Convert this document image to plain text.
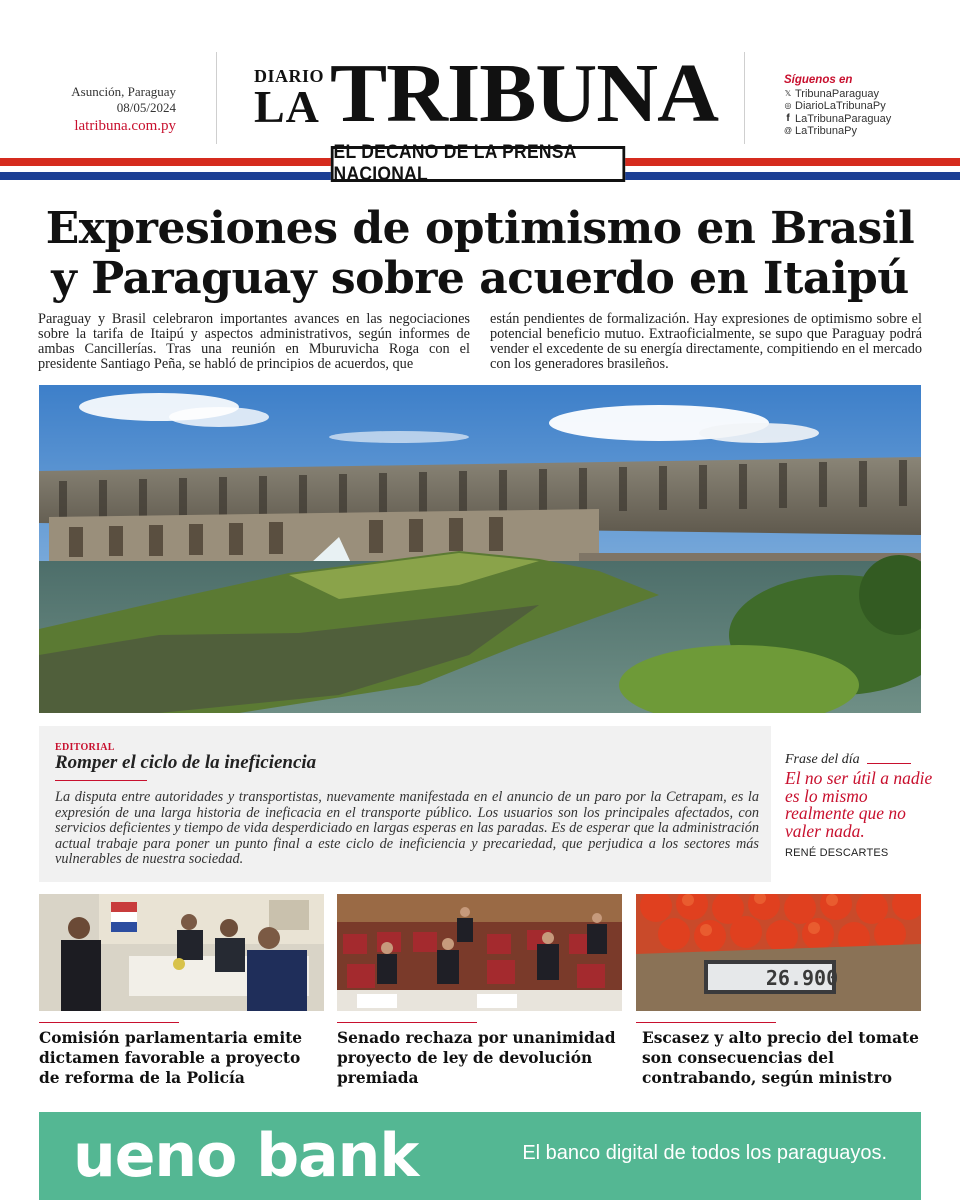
Asunción, Paraguay
08/05/2024
latribuna.com.py
DIARIO
LA TRIBUNA	Síguenos en
𝕏 TribunaParaguay
◎ DiarioLaTribunaPy
f LaTribunaParaguay
@ LaTribunaPy
EL DECANO DE LA PRENSA NACIONAL
Expresiones de optimismo en Brasil y Paraguay sobre acuerdo en Itaipú

Paraguay y Brasil celebraron importantes avances en las negociaciones sobre la tarifa de Itaipú y aspectos administrativos, según informes de ambas Cancillerías. Tras una reunión en Mburuvicha Roga con el presidente Santiago Peña, se habló de principios de acuerdos, que

están pendientes de formalización. Hay expresiones de optimismo sobre el potencial beneficio mutuo. Extraoficialmente, se supo que Paraguay podrá vender el excedente de su energía directamente, compitiendo en el mercado con los generadores brasileños.

EDITORIAL
Romper el ciclo de la ineficiencia

La disputa entre autoridades y transportistas, nuevamente manifestada en el anuncio de un paro por la Cetrapam, es la expresión de una larga historia de ineficacia en el transporte público. Los usuarios son los principales afectados, con servicios deficientes y tiempo de vida desperdiciado en largas esperas en las paradas. Es de esperar que la administración actual trabaje para poner un punto final a este ciclo de ineficiencia y precariedad, que perjudica a los sectores más vulnerables de nuestra sociedad.

Frase del día
El no ser útil a nadie es lo mismo realmente que no valer nada.
RENÉ DESCARTES
Comisión parlamentaria emite dictamen favorable a proyecto de reforma de la Policía
Senado rechaza por unanimidad proyecto de ley de devolución premiada
26.900
Escasez y alto precio del tomate son consecuencias del contrabando, según ministro
ueno bank	El banco digital de todos los paraguayos.
